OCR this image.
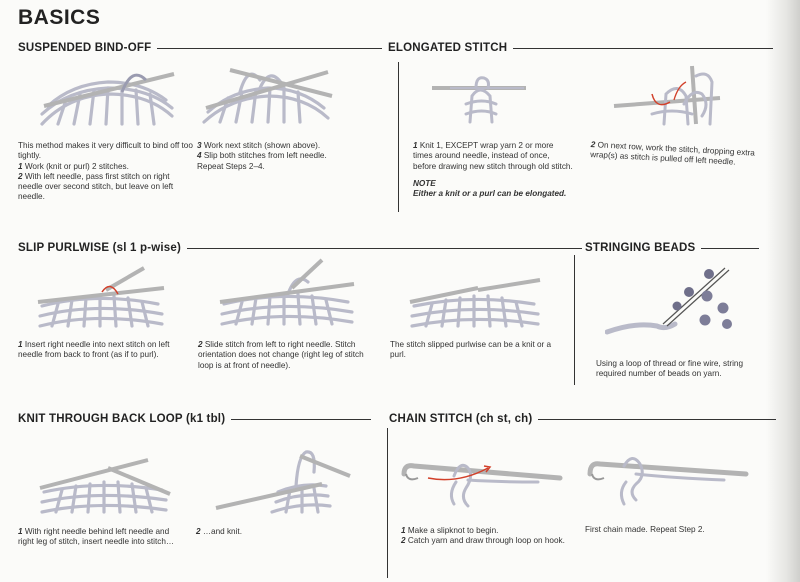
BASICS
SUSPENDED BIND-OFF	ELONGATED STITCH
SLIP PURLWISE (sl 1 p-wise)	STRINGING BEADS
KNIT THROUGH BACK LOOP (k1 tbl)	CHAIN STITCH (ch st, ch)
This method makes it very difficult to bind off too tightly.
1 Work (knit or purl) 2 stitches.
2 With left needle, pass first stitch on right needle over second stitch, but leave on left needle.
3 Work next stitch (shown above).
4 Slip both stitches from left needle. Repeat Steps 2–4.
1 Knit 1, EXCEPT wrap yarn 2 or more times around needle, instead of once, before drawing new stitch through old stitch.
NOTE
Either a knit or a purl can be elongated.
2 On next row, work the stitch, dropping extra wrap(s) as stitch is pulled off left needle.
1 Insert right needle into next stitch on left needle from back to front (as if to purl).
2 Slide stitch from left to right needle. Stitch orientation does not change (right leg of stitch loop is at front of needle).
The stitch slipped purlwise can be a knit or a purl.
Using a loop of thread or fine wire, string required number of beads on yarn.
1 With right needle behind left needle and right leg of stitch, insert needle into stitch…
2 …and knit.	1 Make a slipknot to begin.
2 Catch yarn and draw through loop on hook.
First chain made. Repeat Step 2.
